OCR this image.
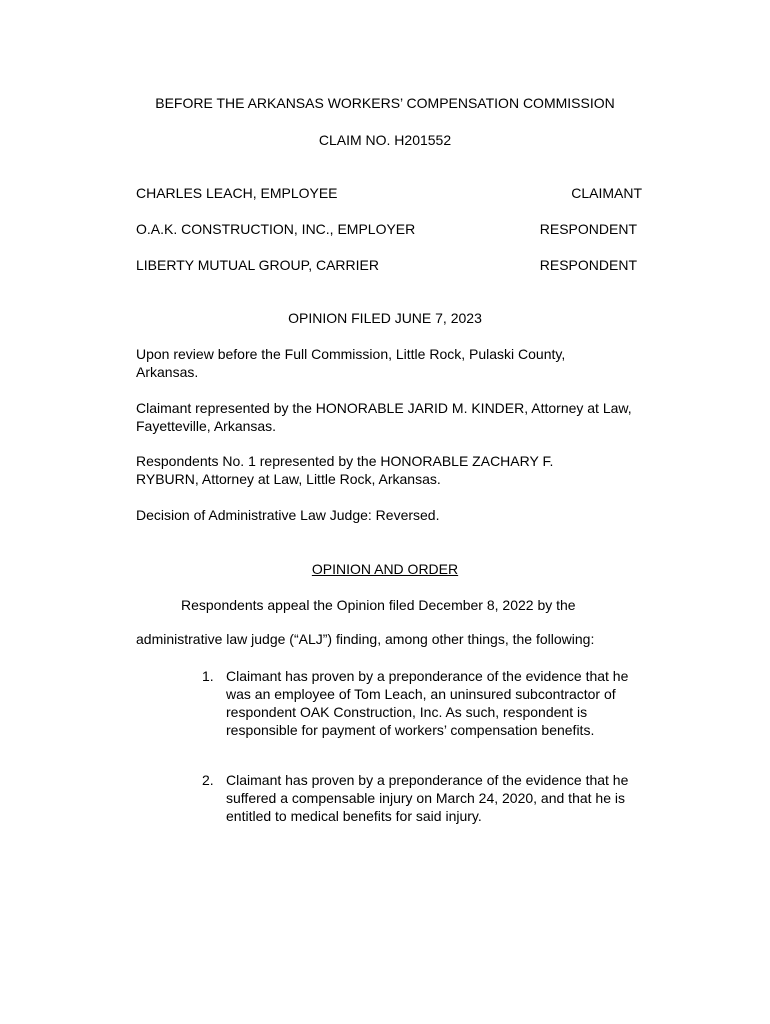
BEFORE THE ARKANSAS WORKERS’ COMPENSATION COMMISSION
CLAIM NO. H201552
CHARLES LEACH, EMPLOYEE	CLAIMANT
O.A.K. CONSTRUCTION, INC., EMPLOYER	RESPONDENT
LIBERTY MUTUAL GROUP, CARRIER	RESPONDENT
OPINION FILED JUNE 7, 2023
Upon review before the Full Commission, Little Rock, Pulaski County, Arkansas.
Claimant represented by the HONORABLE JARID M. KINDER, Attorney at Law, Fayetteville, Arkansas.
Respondents No. 1 represented by the HONORABLE ZACHARY F. RYBURN, Attorney at Law, Little Rock, Arkansas.
Decision of Administrative Law Judge: Reversed.
OPINION AND ORDER
Respondents appeal the Opinion filed December 8, 2022 by the
administrative law judge (“ALJ”) finding, among other things, the following:
1. Claimant has proven by a preponderance of the evidence that he was an employee of Tom Leach, an uninsured subcontractor of respondent OAK Construction, Inc. As such, respondent is responsible for payment of workers’ compensation benefits.
2. Claimant has proven by a preponderance of the evidence that he suffered a compensable injury on March 24, 2020, and that he is entitled to medical benefits for said injury.
